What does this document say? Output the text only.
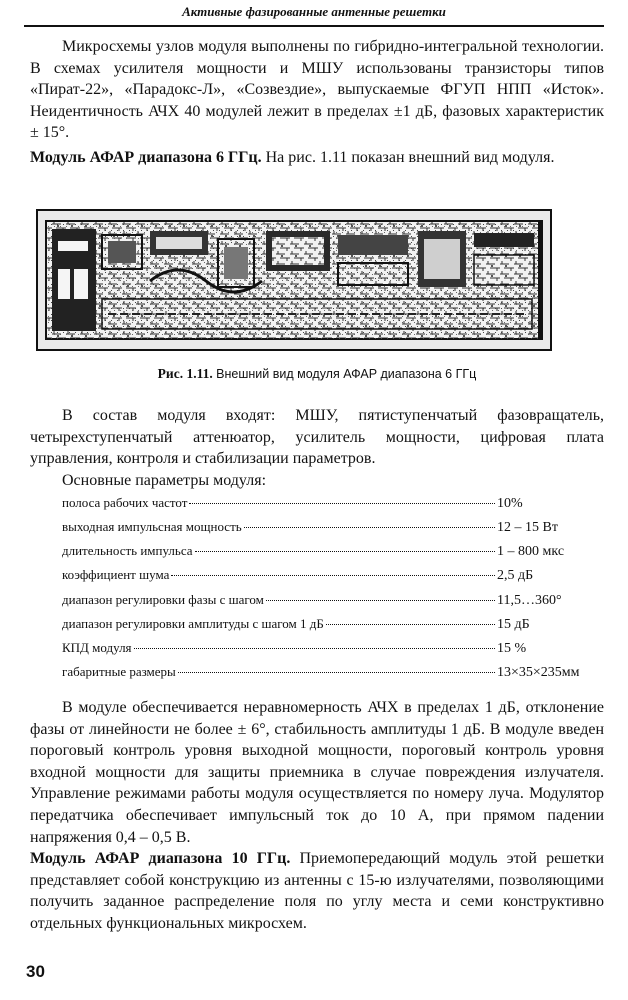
Активные фазированные антенные решетки

Микросхемы узлов модуля выполнены по гибридно-интегральной технологии. В схемах усилителя мощности и МШУ использованы транзисторы типов «Пират-22», «Парадокс-Л», «Созвездие», выпускаемые ФГУП НПП «Исток». Неидентичность АЧХ 40 модулей лежит в пределах ±1 дБ, фазовых характеристик ± 15°.

Модуль АФАР диапазона 6 ГГц. На рис. 1.11 показан внешний вид модуля.

Рис. 1.11. Внешний вид модуля АФАР диапазона 6 ГГц

В состав модуля входят: МШУ, пятиступенчатый фазовращатель, четырехступенчатый аттенюатор, усилитель мощности, цифровая плата управления, контроля и стабилизации параметров.

Основные параметры модуля:
полоса рабочих частот	10%
выходная импульсная мощность	12 – 15 Вт
длительность импульса	1 – 800 мкс
коэффициент шума	2,5 дБ
диапазон регулировки фазы с шагом	11,5…360°
диапазон регулировки амплитуды с шагом 1 дБ	15 дБ
КПД модуля	15 %
габаритные размеры	13×35×235мм

В модуле обеспечивается неравномерность АЧХ в пределах 1 дБ, отклонение фазы от линейности не более ± 6°, стабильность амплитуды 1 дБ. В модуле введен пороговый контроль уровня выходной мощности, пороговый контроль уровня входной мощности для защиты приемника в случае повреждения излучателя. Управление режимами работы модуля осуществляется по номеру луча. Модулятор передатчика обеспечивает импульсный ток до 10 А, при прямом падении напряжения 0,4 – 0,5 В.

Модуль АФАР диапазона 10 ГГц. Приемопередающий модуль этой решетки представляет собой конструкцию из антенны с 15-ю излучателями, позволяющими получить заданное распределение поля по углу места и семи конструктивно отдельных функциональных микросхем.

30
